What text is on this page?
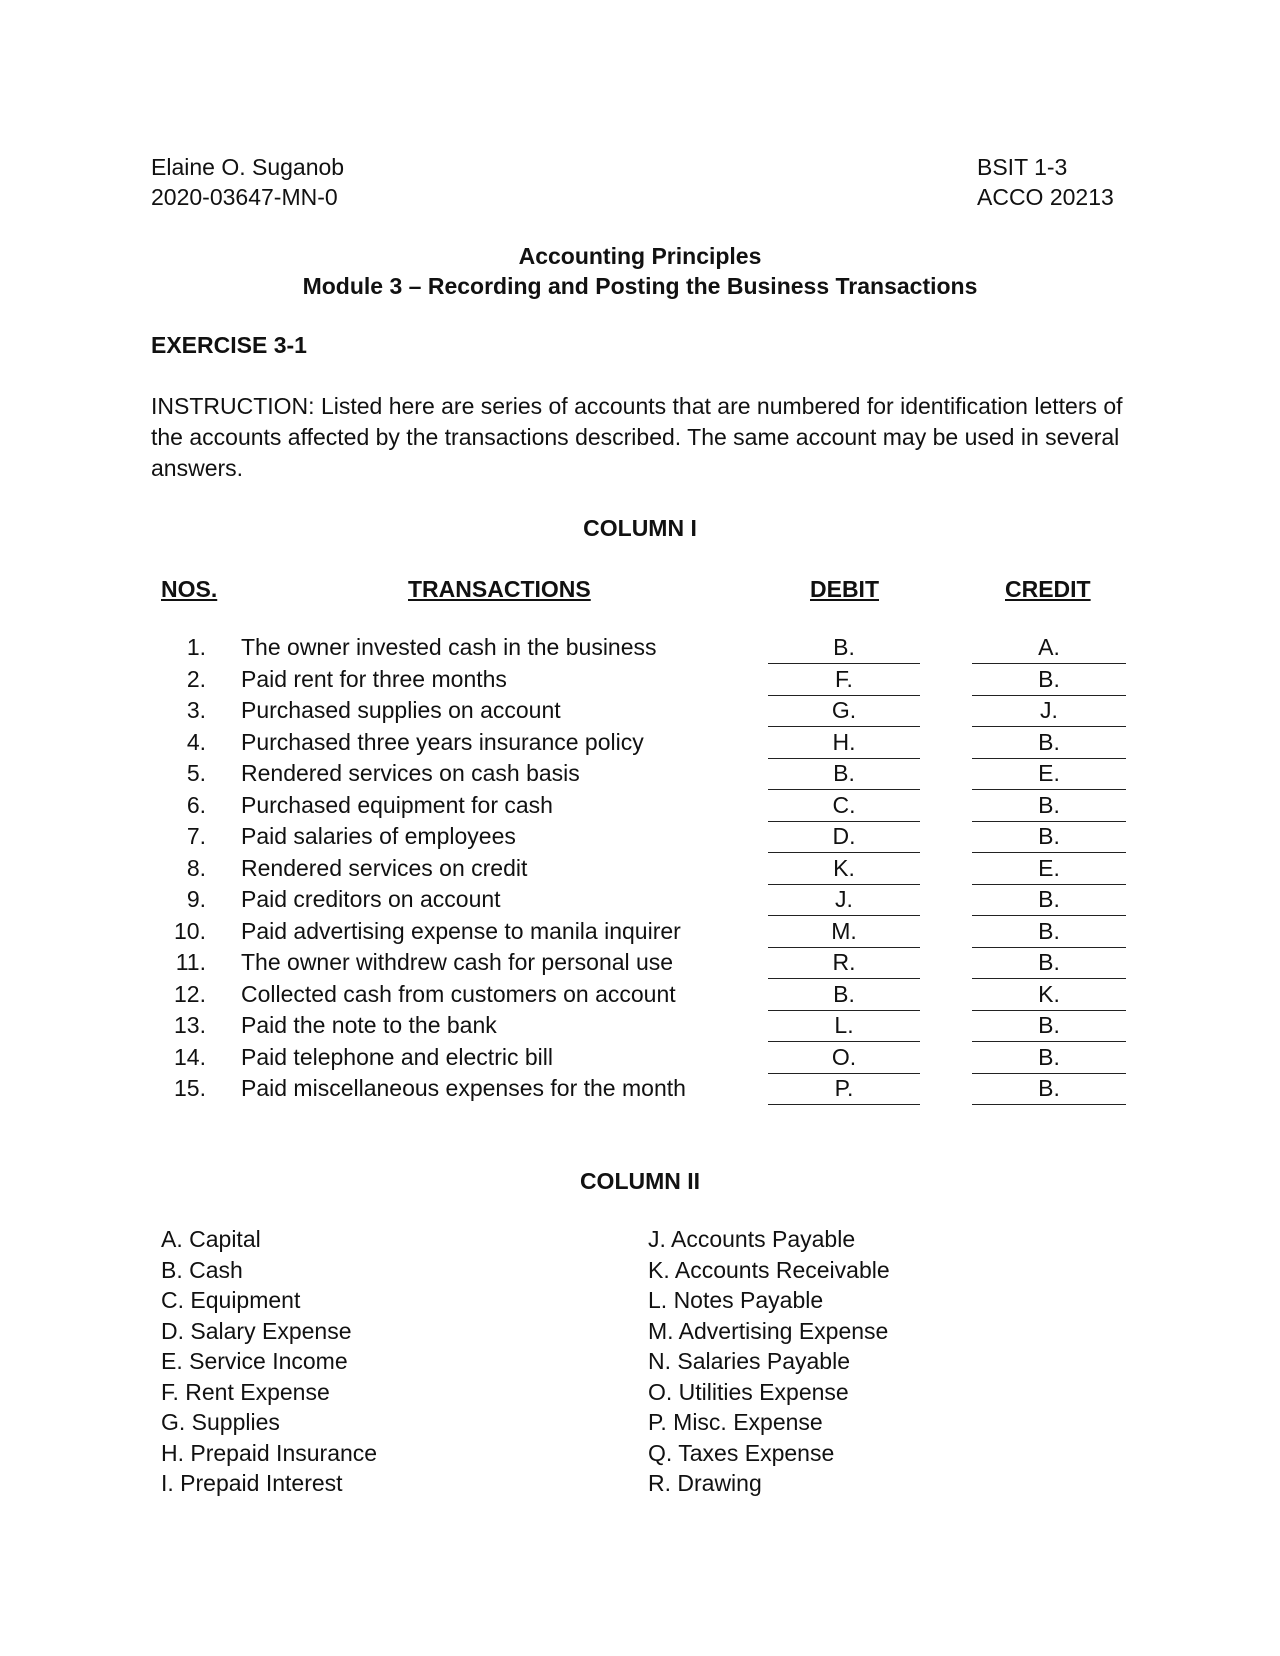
Elaine O. Suganob
2020-03647-MN-0
BSIT 1-3
ACCO 20213
Accounting Principles
Module 3 – Recording and Posting the Business Transactions
EXERCISE 3-1
INSTRUCTION: Listed here are series of accounts that are numbered for identification letters of the accounts affected by the transactions described. The same account may be used in several answers.
COLUMN I
NOS.	TRANSACTIONS	DEBIT	CREDIT
1. The owner invested cash in the business	B.	A.
2. Paid rent for three months	F.	B.
3. Purchased supplies on account	G.	J.
4. Purchased three years insurance policy	H.	B.
5. Rendered services on cash basis	B.	E.
6. Purchased equipment for cash	C.	B.
7. Paid salaries of employees	D.	B.
8. Rendered services on credit	K.	E.
9. Paid creditors on account	J.	B.
10. Paid advertising expense to manila inquirer	M.	B.
11. The owner withdrew cash for personal use	R.	B.
12. Collected cash from customers on account	B.	K.
13. Paid the note to the bank	L.	B.
14. Paid telephone and electric bill	O.	B.
15. Paid miscellaneous expenses for the month	P.	B.
COLUMN II
A. Capital
B. Cash
C. Equipment
D. Salary Expense
E. Service Income
F. Rent Expense
G. Supplies
H. Prepaid Insurance
I. Prepaid Interest
J. Accounts Payable
K. Accounts Receivable
L. Notes Payable
M. Advertising Expense
N. Salaries Payable
O. Utilities Expense
P. Misc. Expense
Q. Taxes Expense
R. Drawing
